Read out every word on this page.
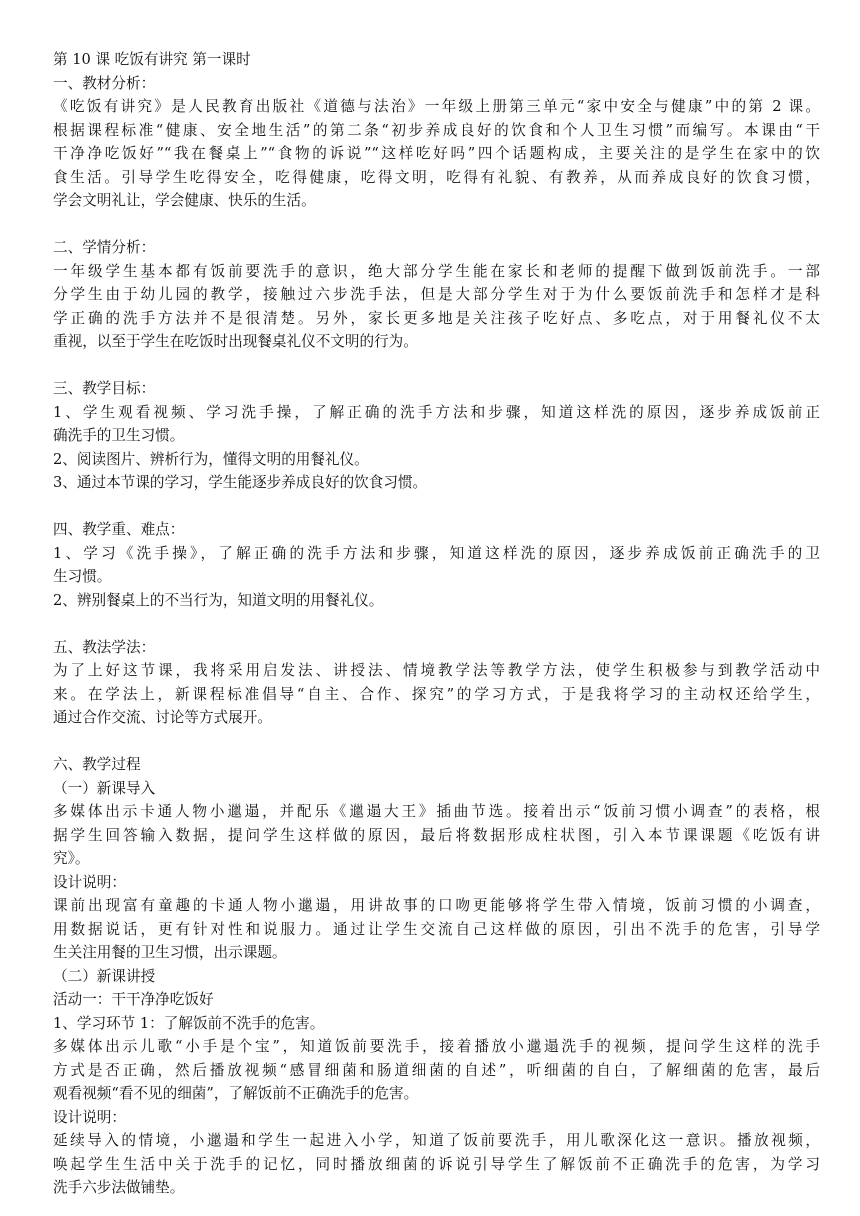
第 10 课 吃饭有讲究 第一课时
一、教材分析：
《吃饭有讲究》是人民教育出版社《道德与法治》一年级上册第三单元“家中安全与健康”中的第 2 课。
根据课程标准“健康、安全地生活”的第二条“初步养成良好的饮食和个人卫生习惯”而编写。本课由“干
干净净吃饭好”“我在餐桌上”“食物的诉说”“这样吃好吗”四个话题构成，主要关注的是学生在家中的饮
食生活。引导学生吃得安全，吃得健康，吃得文明，吃得有礼貌、有教养，从而养成良好的饮食习惯，
学会文明礼让，学会健康、快乐的生活。
二、学情分析：
一年级学生基本都有饭前要洗手的意识，绝大部分学生能在家长和老师的提醒下做到饭前洗手。一部
分学生由于幼儿园的教学，接触过六步洗手法，但是大部分学生对于为什么要饭前洗手和怎样才是科
学正确的洗手方法并不是很清楚。另外，家长更多地是关注孩子吃好点、多吃点，对于用餐礼仪不太
重视，以至于学生在吃饭时出现餐桌礼仪不文明的行为。
三、教学目标：
1、学生观看视频、学习洗手操，了解正确的洗手方法和步骤，知道这样洗的原因，逐步养成饭前正
确洗手的卫生习惯。
2、阅读图片、辨析行为，懂得文明的用餐礼仪。
3、通过本节课的学习，学生能逐步养成良好的饮食习惯。
四、教学重、难点：
1、学习《洗手操》，了解正确的洗手方法和步骤，知道这样洗的原因，逐步养成饭前正确洗手的卫
生习惯。
2、辨别餐桌上的不当行为，知道文明的用餐礼仪。
五、教法学法：
为了上好这节课，我将采用启发法、讲授法、情境教学法等教学方法，使学生积极参与到教学活动中
来。在学法上，新课程标准倡导“自主、合作、探究”的学习方式，于是我将学习的主动权还给学生，
通过合作交流、讨论等方式展开。
六、教学过程
（一）新课导入
多媒体出示卡通人物小邋遢，并配乐《邋遢大王》插曲节选。接着出示“饭前习惯小调查”的表格，根
据学生回答输入数据，提问学生这样做的原因，最后将数据形成柱状图，引入本节课课题《吃饭有讲
究》。
设计说明：
课前出现富有童趣的卡通人物小邋遢，用讲故事的口吻更能够将学生带入情境，饭前习惯的小调查，
用数据说话，更有针对性和说服力。通过让学生交流自己这样做的原因，引出不洗手的危害，引导学
生关注用餐的卫生习惯，出示课题。
（二）新课讲授
活动一：干干净净吃饭好
1、学习环节 1：了解饭前不洗手的危害。
多媒体出示儿歌“小手是个宝”，知道饭前要洗手，接着播放小邋遢洗手的视频，提问学生这样的洗手
方式是否正确，然后播放视频“感冒细菌和肠道细菌的自述”，听细菌的自白，了解细菌的危害，最后
观看视频“看不见的细菌”，了解饭前不正确洗手的危害。
设计说明：
延续导入的情境，小邋遢和学生一起进入小学，知道了饭前要洗手，用儿歌深化这一意识。播放视频，
唤起学生生活中关于洗手的记忆，同时播放细菌的诉说引导学生了解饭前不正确洗手的危害，为学习
洗手六步法做铺垫。
